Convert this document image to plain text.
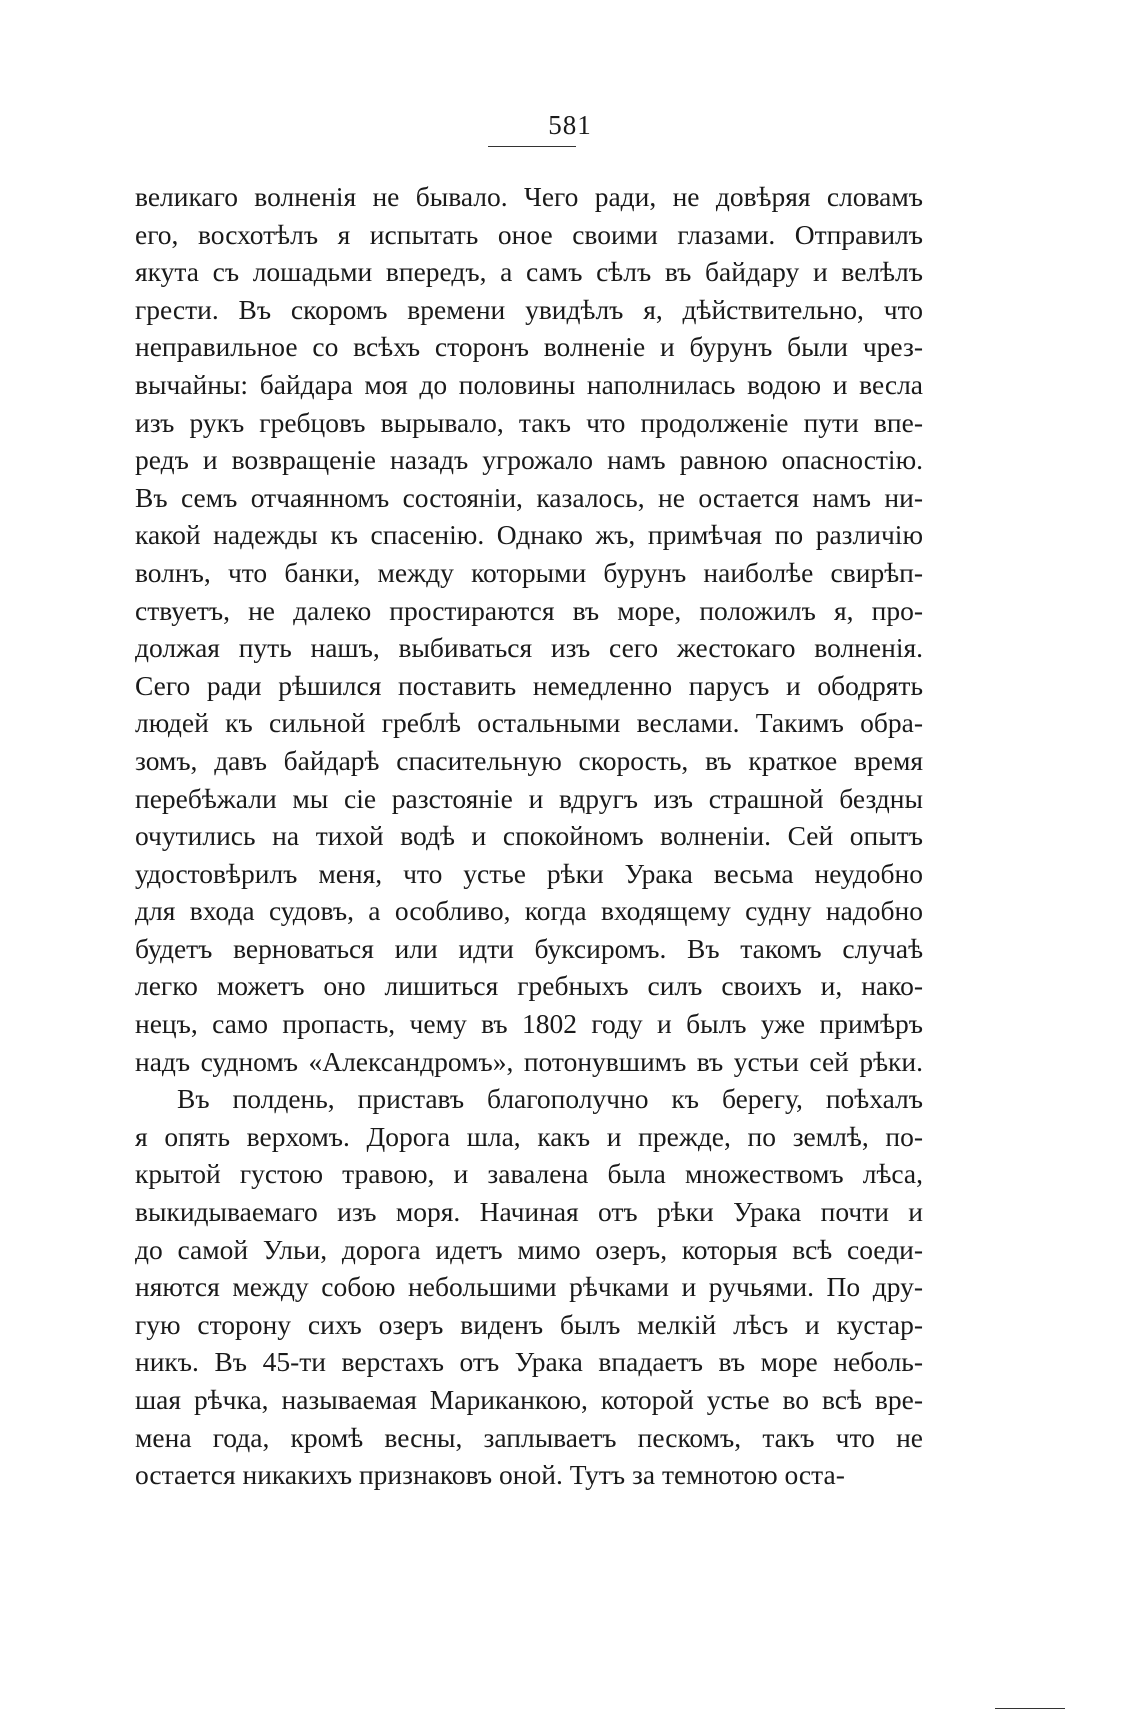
581
великаго волненія не бывало. Чего ради, не довѣряя словамъ
его, восхотѣлъ я испытать оное своими глазами. Отправилъ
якута съ лошадьми впередъ, а самъ сѣлъ въ байдару и велѣлъ
грести. Въ скоромъ времени увидѣлъ я, дѣйствительно, что
неправильное со всѣхъ сторонъ волненіе и бурунъ были чрез-
вычайны: байдара моя до половины наполнилась водою и весла
изъ рукъ гребцовъ вырывало, такъ что продолженіе пути впе-
редъ и возвращеніе назадъ угрожало намъ равною опасностію.
Въ семъ отчаянномъ состояніи, казалось, не остается намъ ни-
какой надежды къ спасенію. Однако жъ, примѣчая по различію
волнъ, что банки, между которыми бурунъ наиболѣе свирѣп-
ствуетъ, не далеко простираются въ море, положилъ я, про-
должая путь нашъ, выбиваться изъ сего жестокаго волненія.
Сего ради рѣшился поставить немедленно парусъ и ободрять
людей къ сильной греблѣ остальными веслами. Такимъ обра-
зомъ, давъ байдарѣ спасительную скорость, въ краткое время
перебѣжали мы сіе разстояніе и вдругъ изъ страшной бездны
очутились на тихой водѣ и спокойномъ волненіи. Сей опытъ
удостовѣрилъ меня, что устье рѣки Урака весьма неудобно
для входа судовъ, а особливо, когда входящему судну надобно
будетъ верноваться или идти буксиромъ. Въ такомъ случаѣ
легко можетъ оно лишиться гребныхъ силъ своихъ и, нако-
нецъ, само пропасть, чему въ 1802 году и былъ уже примѣръ
надъ судномъ «Александромъ», потонувшимъ въ устьи сей рѣки.
Въ полдень, приставъ благополучно къ берегу, поѣхалъ
я опять верхомъ. Дорога шла, какъ и прежде, по землѣ, по-
крытой густою травою, и завалена была множествомъ лѣса,
выкидываемаго изъ моря. Начиная отъ рѣки Урака почти и
до самой Ульи, дорога идетъ мимо озеръ, которыя всѣ соеди-
няются между собою небольшими рѣчками и ручьями. По дру-
гую сторону сихъ озеръ виденъ былъ мелкій лѣсъ и кустар-
никъ. Въ 45-ти верстахъ отъ Урака впадаетъ въ море неболь-
шая рѣчка, называемая Мариканкою, которой устье во всѣ вре-
мена года, кромѣ весны, заплываетъ пескомъ, такъ что не
остается никакихъ признаковъ оной. Тутъ за темнотою оста-
